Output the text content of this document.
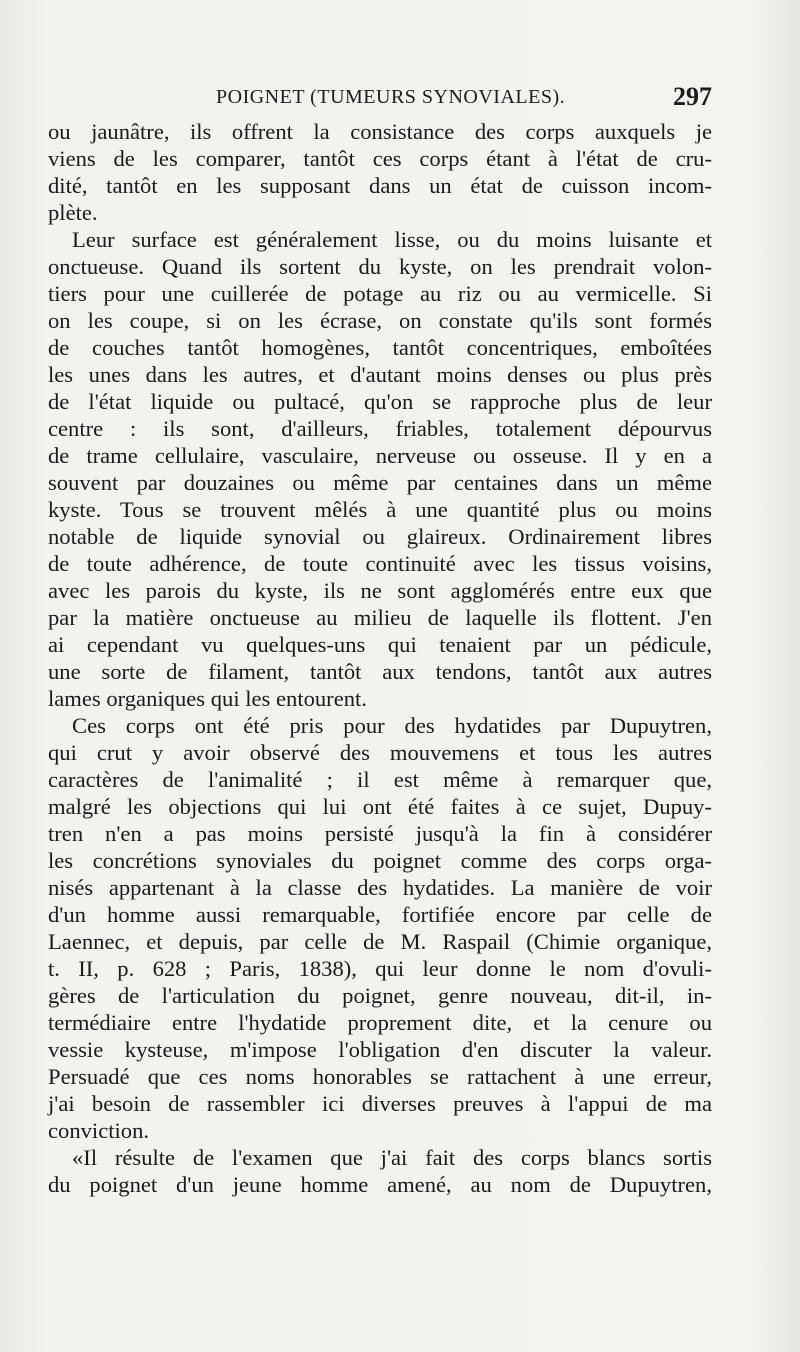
POIGNET (TUMEURS SYNOVIALES).	297
ou jaunâtre, ils offrent la consistance des corps auxquels je
viens de les comparer, tantôt ces corps étant à l'état de cru-
dité, tantôt en les supposant dans un état de cuisson incom-
plète.
Leur surface est généralement lisse, ou du moins luisante et
onctueuse. Quand ils sortent du kyste, on les prendrait volon-
tiers pour une cuillerée de potage au riz ou au vermicelle. Si
on les coupe, si on les écrase, on constate qu'ils sont formés
de couches tantôt homogènes, tantôt concentriques, emboîtées
les unes dans les autres, et d'autant moins denses ou plus près
de l'état liquide ou pultacé, qu'on se rapproche plus de leur
centre : ils sont, d'ailleurs, friables, totalement dépourvus
de trame cellulaire, vasculaire, nerveuse ou osseuse. Il y en a
souvent par douzaines ou même par centaines dans un même
kyste. Tous se trouvent mêlés à une quantité plus ou moins
notable de liquide synovial ou glaireux. Ordinairement libres
de toute adhérence, de toute continuité avec les tissus voisins,
avec les parois du kyste, ils ne sont agglomérés entre eux que
par la matière onctueuse au milieu de laquelle ils flottent. J'en
ai cependant vu quelques-uns qui tenaient par un pédicule,
une sorte de filament, tantôt aux tendons, tantôt aux autres
lames organiques qui les entourent.
Ces corps ont été pris pour des hydatides par Dupuytren,
qui crut y avoir observé des mouvemens et tous les autres
caractères de l'animalité ; il est même à remarquer que,
malgré les objections qui lui ont été faites à ce sujet, Dupuy-
tren n'en a pas moins persisté jusqu'à la fin à considérer
les concrétions synoviales du poignet comme des corps orga-
nisés appartenant à la classe des hydatides. La manière de voir
d'un homme aussi remarquable, fortifiée encore par celle de
Laennec, et depuis, par celle de M. Raspail (Chimie organique,
t. II, p. 628 ; Paris, 1838), qui leur donne le nom d'ovuli-
gères de l'articulation du poignet, genre nouveau, dit-il, in-
termédiaire entre l'hydatide proprement dite, et la cenure ou
vessie kysteuse, m'impose l'obligation d'en discuter la valeur.
Persuadé que ces noms honorables se rattachent à une erreur,
j'ai besoin de rassembler ici diverses preuves à l'appui de ma
conviction.
«Il résulte de l'examen que j'ai fait des corps blancs sortis
du poignet d'un jeune homme amené, au nom de Dupuytren,
